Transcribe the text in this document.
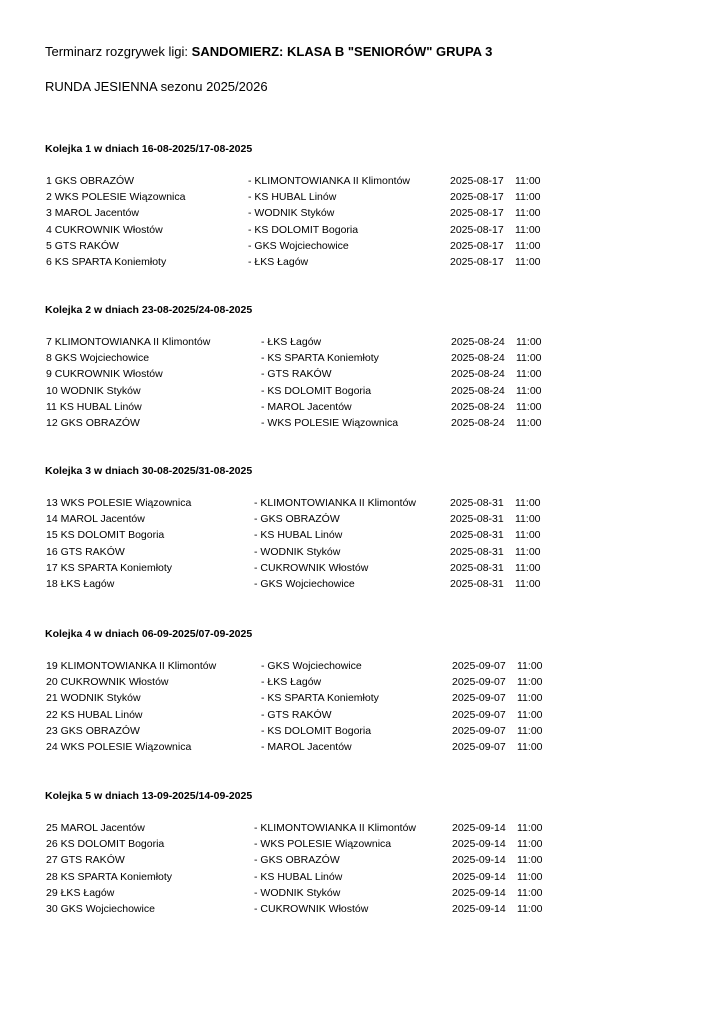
Terminarz rozgrywek ligi: SANDOMIERZ: KLASA B "SENIORÓW" GRUPA 3
RUNDA JESIENNA sezonu 2025/2026
Kolejka 1 w dniach 16-08-2025/17-08-2025
1 GKS OBRAZÓW	- KLIMONTOWIANKA II Klimontów	2025-08-17 11:00
2 WKS POLESIE Wiązownica	- KS HUBAL Linów	2025-08-17 11:00
3 MAROL Jacentów	- WODNIK Styków	2025-08-17 11:00
4 CUKROWNIK Włostów	- KS DOLOMIT Bogoria	2025-08-17 11:00
5 GTS RAKÓW	- GKS Wojciechowice	2025-08-17 11:00
6 KS SPARTA Koniemłoty	- ŁKS Łagów	2025-08-17 11:00
Kolejka 2 w dniach 23-08-2025/24-08-2025
7 KLIMONTOWIANKA II Klimontów	- ŁKS Łagów	2025-08-24 11:00
8 GKS Wojciechowice	- KS SPARTA Koniemłoty	2025-08-24 11:00
9 CUKROWNIK Włostów	- GTS RAKÓW	2025-08-24 11:00
10 WODNIK Styków	- KS DOLOMIT Bogoria	2025-08-24 11:00
11 KS HUBAL Linów	- MAROL Jacentów	2025-08-24 11:00
12 GKS OBRAZÓW	- WKS POLESIE Wiązownica	2025-08-24 11:00
Kolejka 3 w dniach 30-08-2025/31-08-2025
13 WKS POLESIE Wiązownica	- KLIMONTOWIANKA II Klimontów	2025-08-31 11:00
14 MAROL Jacentów	- GKS OBRAZÓW	2025-08-31 11:00
15 KS DOLOMIT Bogoria	- KS HUBAL Linów	2025-08-31 11:00
16 GTS RAKÓW	- WODNIK Styków	2025-08-31 11:00
17 KS SPARTA Koniemłoty	- CUKROWNIK Włostów	2025-08-31 11:00
18 ŁKS Łagów	- GKS Wojciechowice	2025-08-31 11:00
Kolejka 4 w dniach 06-09-2025/07-09-2025
19 KLIMONTOWIANKA II Klimontów	- GKS Wojciechowice	2025-09-07 11:00
20 CUKROWNIK Włostów	- ŁKS Łagów	2025-09-07 11:00
21 WODNIK Styków	- KS SPARTA Koniemłoty	2025-09-07 11:00
22 KS HUBAL Linów	- GTS RAKÓW	2025-09-07 11:00
23 GKS OBRAZÓW	- KS DOLOMIT Bogoria	2025-09-07 11:00
24 WKS POLESIE Wiązownica	- MAROL Jacentów	2025-09-07 11:00
Kolejka 5 w dniach 13-09-2025/14-09-2025
25 MAROL Jacentów	- KLIMONTOWIANKA II Klimontów	2025-09-14 11:00
26 KS DOLOMIT Bogoria	- WKS POLESIE Wiązownica	2025-09-14 11:00
27 GTS RAKÓW	- GKS OBRAZÓW	2025-09-14 11:00
28 KS SPARTA Koniemłoty	- KS HUBAL Linów	2025-09-14 11:00
29 ŁKS Łagów	- WODNIK Styków	2025-09-14 11:00
30 GKS Wojciechowice	- CUKROWNIK Włostów	2025-09-14 11:00
